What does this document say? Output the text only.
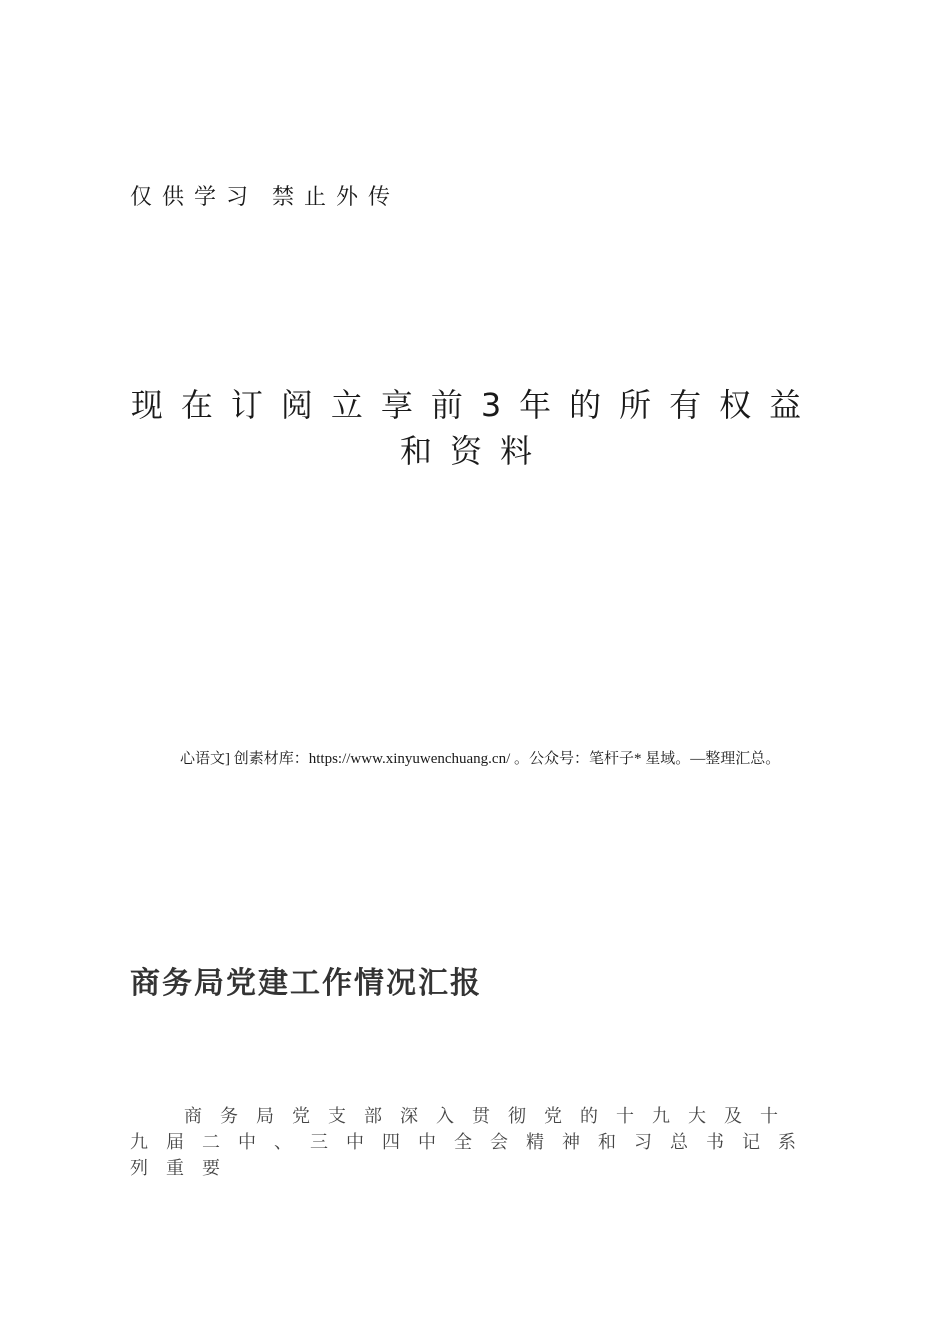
仅供学习 禁止外传
现在订阅立享前3年的所有权益
和资料
心语文] 创素材库：https://www.xinyuwenchuang.cn/ 。公众号：笔杆子* 星域。—整理汇总。
商务局党建工作情况汇报
商务局党支部深入贯彻党的十九大及十九届二中、三中四中全会精神和习总书记系列重要
